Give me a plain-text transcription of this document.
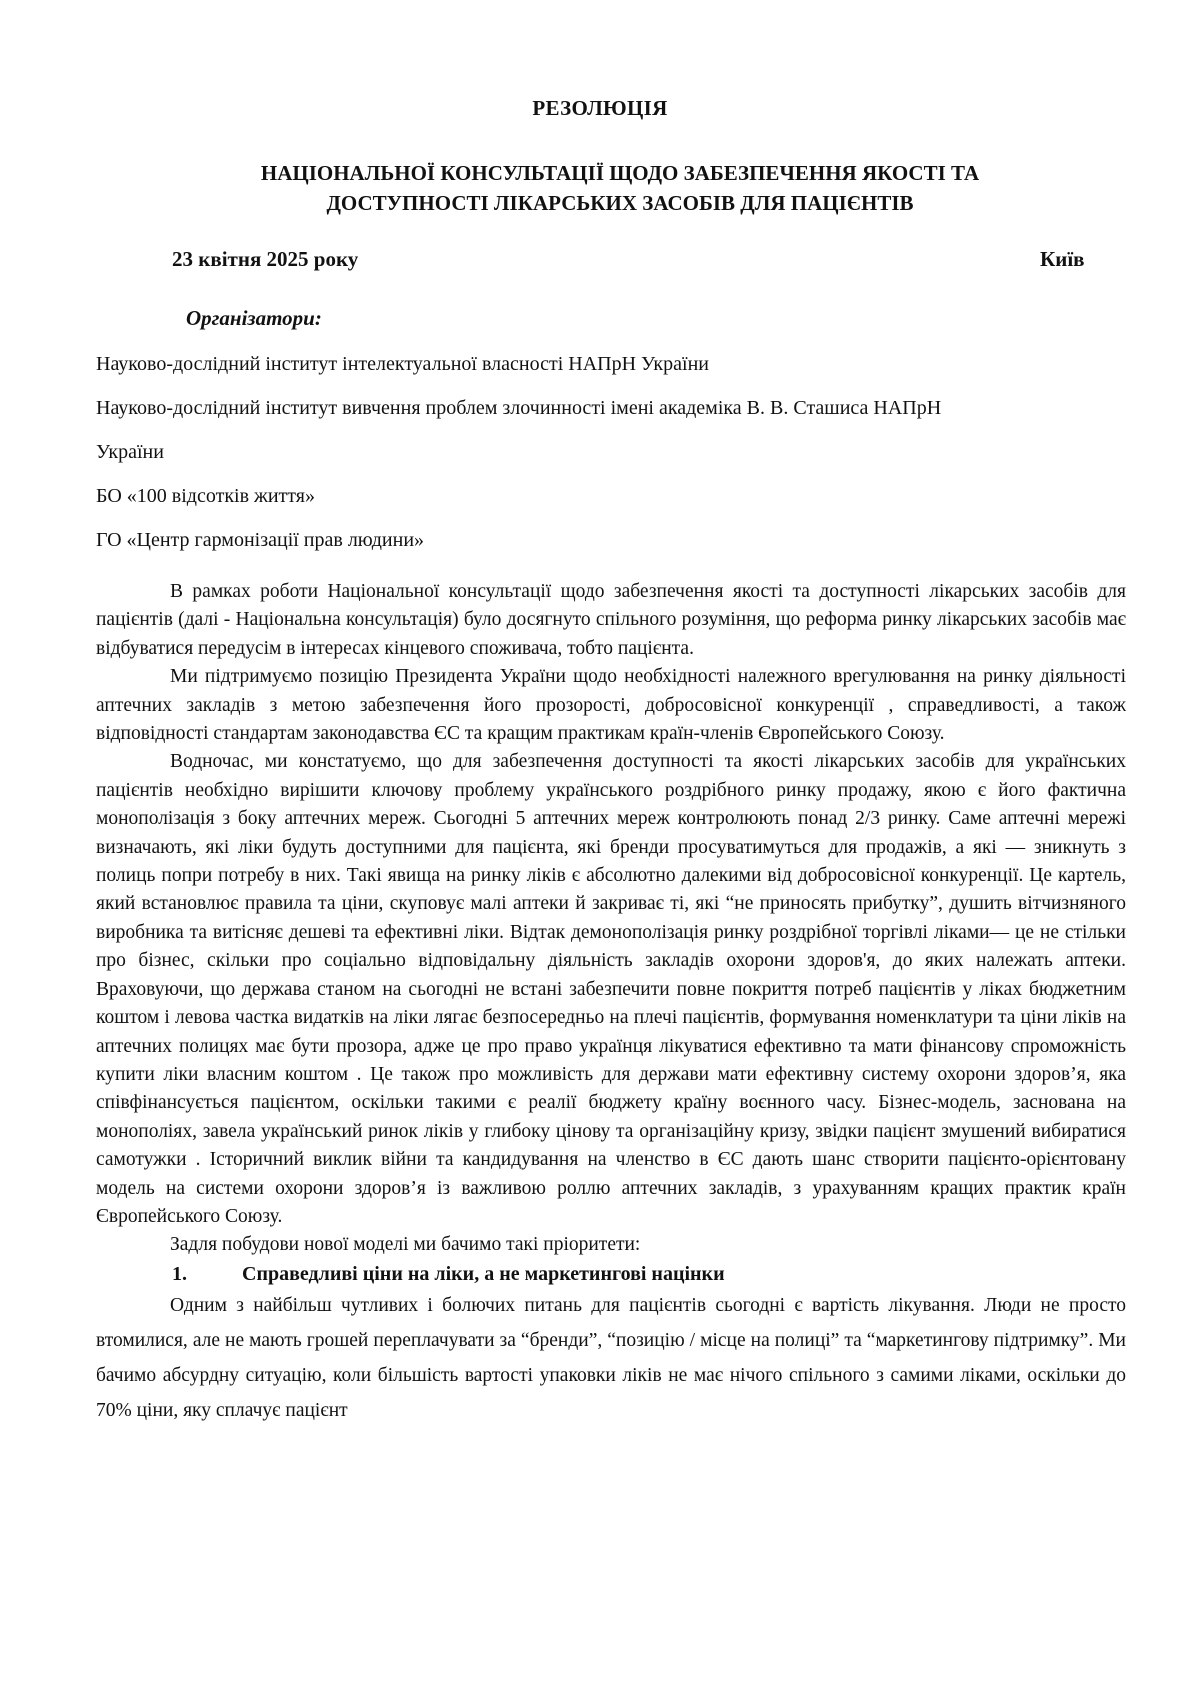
РЕЗОЛЮЦІЯ
НАЦІОНАЛЬНОЇ КОНСУЛЬТАЦІЇ ЩОДО ЗАБЕЗПЕЧЕННЯ ЯКОСТІ ТА
ДОСТУПНОСТІ ЛІКАРСЬКИХ ЗАСОБІВ ДЛЯ ПАЦІЄНТІВ
23 квітня 2025 року	Київ
Організатори:

Науково-дослідний інститут інтелектуальної власності НАПрН України

Науково-дослідний інститут вивчення проблем злочинності імені академіка В. В. Сташиса НАПрН

України

БО «100 відсотків життя»

ГО «Центр гармонізації прав людини»

В рамках роботи Національної консультації щодо забезпечення якості та доступності лікарських засобів для пацієнтів (далі - Національна консультація) було досягнуто спільного розуміння, що реформа ринку лікарських засобів має відбуватися передусім в інтересах кінцевого споживача, тобто пацієнта.

Ми підтримуємо позицію Президента України щодо необхідності належного врегулювання на ринку діяльності аптечних закладів з метою забезпечення його прозорості, добросовісної конкуренції , справедливості, а також відповідності стандартам законодавства ЄС та кращим практикам країн-членів Європейського Союзу.

Водночас, ми констатуємо, що для забезпечення доступності та якості лікарських засобів для українських пацієнтів необхідно вирішити ключову проблему українського роздрібного ринку продажу, якою є його фактична монополізація з боку аптечних мереж. Сьогодні 5 аптечних мереж контролюють понад 2/3 ринку. Саме аптечні мережі визначають, які ліки будуть доступними для пацієнта, які бренди просуватимуться для продажів, а які — зникнуть з полиць попри потребу в них. Такі явища на ринку ліків є абсолютно далекими від добросовісної конкуренції. Це картель, який встановлює правила та ціни, скуповує малі аптеки й закриває ті, які “не приносять прибутку”, душить вітчизняного виробника та витісняє дешеві та ефективні ліки. Відтак демонополізація ринку роздрібної торгівлі ліками— це не стільки про бізнес, скільки про соціально відповідальну діяльність закладів охорони здоров'я, до яких належать аптеки. Враховуючи, що держава станом на сьогодні не встані забезпечити повне покриття потреб пацієнтів у ліках бюджетним коштом і левова частка видатків на ліки лягає безпосередньо на плечі пацієнтів, формування номенклатури та ціни ліків на аптечних полицях має бути прозора, адже це про право українця лікуватися ефективно та мати фінансову спроможність купити ліки власним коштом . Це також про можливість для держави мати ефективну систему охорони здоров’я, яка співфінансується пацієнтом, оскільки такими є реалії бюджету країну воєнного часу. Бізнес-модель, заснована на монополіях, завела український ринок ліків у глибоку цінову та організаційну кризу, звідки пацієнт змушений вибиратися самотужки . Історичний виклик війни та кандидування на членство в ЄС дають шанс створити пацієнто-орієнтовану модель на системи охорони здоров’я із важливою роллю аптечних закладів, з урахуванням кращих практик країн Європейського Союзу.

Задля побудови нової моделі ми бачимо такі пріоритети:

1.	Справедливі ціни на ліки, а не маркетингові націнки

Одним з найбільш чутливих і болючих питань для пацієнтів сьогодні є вартість лікування. Люди не просто втомилися, але не мають грошей переплачувати за “бренди”, “позицію / місце на полиці” та “маркетингову підтримку”. Ми бачимо абсурдну ситуацію, коли більшість вартості упаковки ліків не має нічого спільного з самими ліками, оскільки до 70% ціни, яку сплачує пацієнт
